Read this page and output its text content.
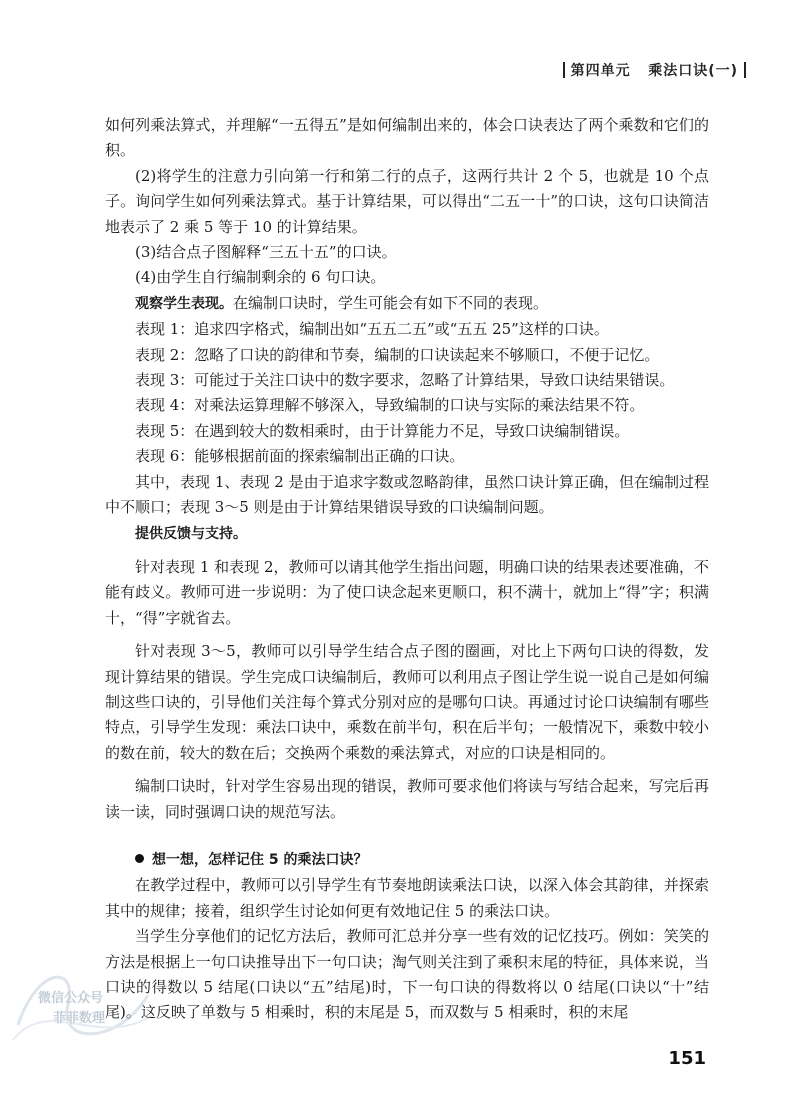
第四单元 乘法口诀(一)

如何列乘法算式，并理解“一五得五”是如何编制出来的，体会口诀表达了两个乘数和它们的积。

(2)将学生的注意力引向第一行和第二行的点子，这两行共计 2 个 5，也就是 10 个点子。询问学生如何列乘法算式。基于计算结果，可以得出“二五一十”的口诀，这句口诀简洁地表示了 2 乘 5 等于 10 的计算结果。

(3)结合点子图解释“三五十五”的口诀。

(4)由学生自行编制剩余的 6 句口诀。

观察学生表现。在编制口诀时，学生可能会有如下不同的表现。

表现 1：追求四字格式，编制出如“五五二五”或“五五 25”这样的口诀。

表现 2：忽略了口诀的韵律和节奏，编制的口诀读起来不够顺口，不便于记忆。

表现 3：可能过于关注口诀中的数字要求，忽略了计算结果，导致口诀结果错误。

表现 4：对乘法运算理解不够深入，导致编制的口诀与实际的乘法结果不符。

表现 5：在遇到较大的数相乘时，由于计算能力不足，导致口诀编制错误。

表现 6：能够根据前面的探索编制出正确的口诀。

其中，表现 1、表现 2 是由于追求字数或忽略韵律，虽然口诀计算正确，但在编制过程中不顺口；表现 3～5 则是由于计算结果错误导致的口诀编制问题。

提供反馈与支持。

针对表现 1 和表现 2，教师可以请其他学生指出问题，明确口诀的结果表述要准确，不能有歧义。教师可进一步说明：为了使口诀念起来更顺口，积不满十，就加上“得”字；积满十，“得”字就省去。

针对表现 3～5，教师可以引导学生结合点子图的圈画，对比上下两句口诀的得数，发现计算结果的错误。学生完成口诀编制后，教师可以利用点子图让学生说一说自己是如何编制这些口诀的，引导他们关注每个算式分别对应的是哪句口诀。再通过讨论口诀编制有哪些特点，引导学生发现：乘法口诀中，乘数在前半句，积在后半句；一般情况下，乘数中较小的数在前，较大的数在后；交换两个乘数的乘法算式，对应的口诀是相同的。

编制口诀时，针对学生容易出现的错误，教师可要求他们将读与写结合起来，写完后再读一读，同时强调口诀的规范写法。

想一想，怎样记住 5 的乘法口诀？

在教学过程中，教师可以引导学生有节奏地朗读乘法口诀，以深入体会其韵律，并探索其中的规律；接着，组织学生讨论如何更有效地记住 5 的乘法口诀。

当学生分享他们的记忆方法后，教师可汇总并分享一些有效的记忆技巧。例如：笑笑的方法是根据上一句口诀推导出下一句口诀；淘气则关注到了乘积末尾的特征，具体来说，当口诀的得数以 5 结尾(口诀以“五”结尾)时，下一句口诀的得数将以 0 结尾(口诀以“十”结尾)。这反映了单数与 5 相乘时，积的末尾是 5，而双数与 5 相乘时，积的末尾

151
微信公众号
菲菲数理
